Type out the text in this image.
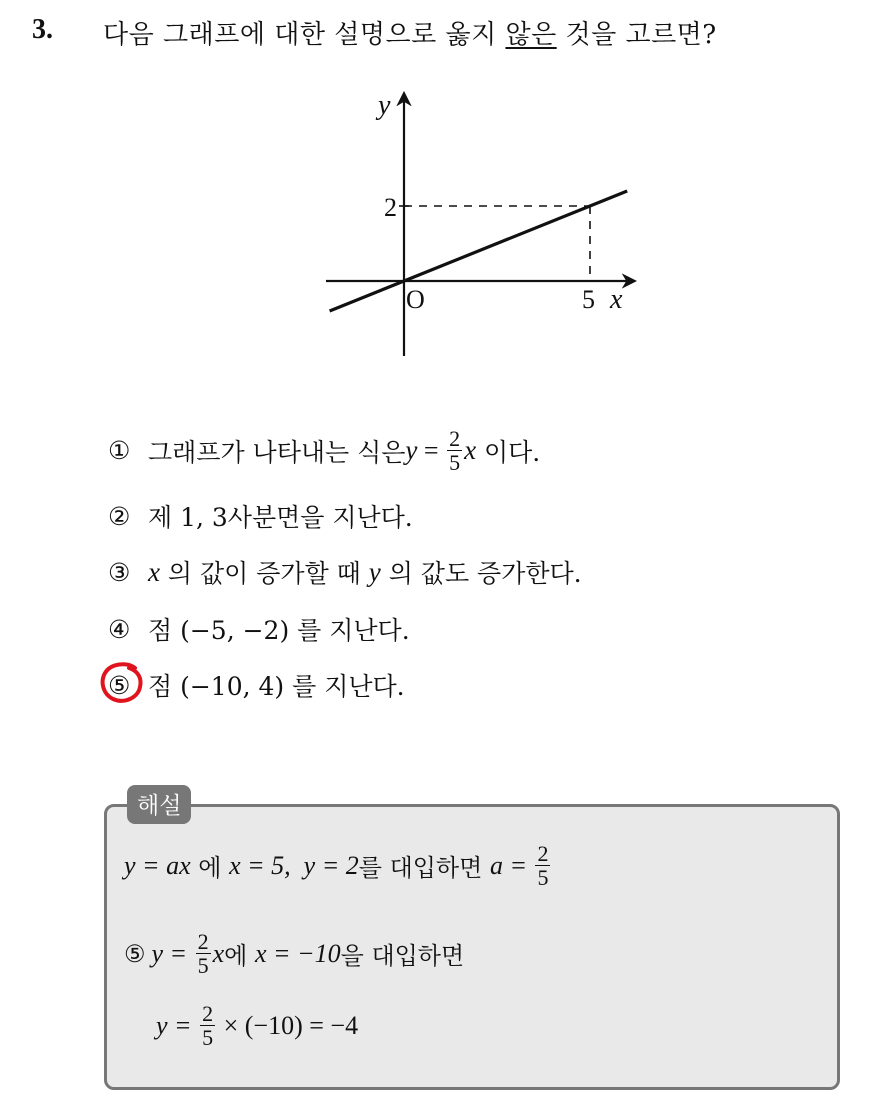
3. 다음 그래프에 대한 설명으로 옳지 않은 것을 고르면?
y
x
O
2
5
① 그래프가 나타내는 식은 $y = \frac{2}{5}$ x 이다.
② 제 1, 3사분면을 지난다.
③ x 의 값이 증가할 때 y 의 값도 증가한다.
④ 점 (−5, −2) 를 지난다.
⑤ 점 (−10, 4) 를 지난다.
해설
y = ax 에 x = 5,  y = 2 를 대입하면 $a = \frac{2}{5}$
⑤ $y = \frac{2}{5}$ x 에 x = −10 을 대입하면
$y = \frac{2}{5} \times (-10) = -4$
